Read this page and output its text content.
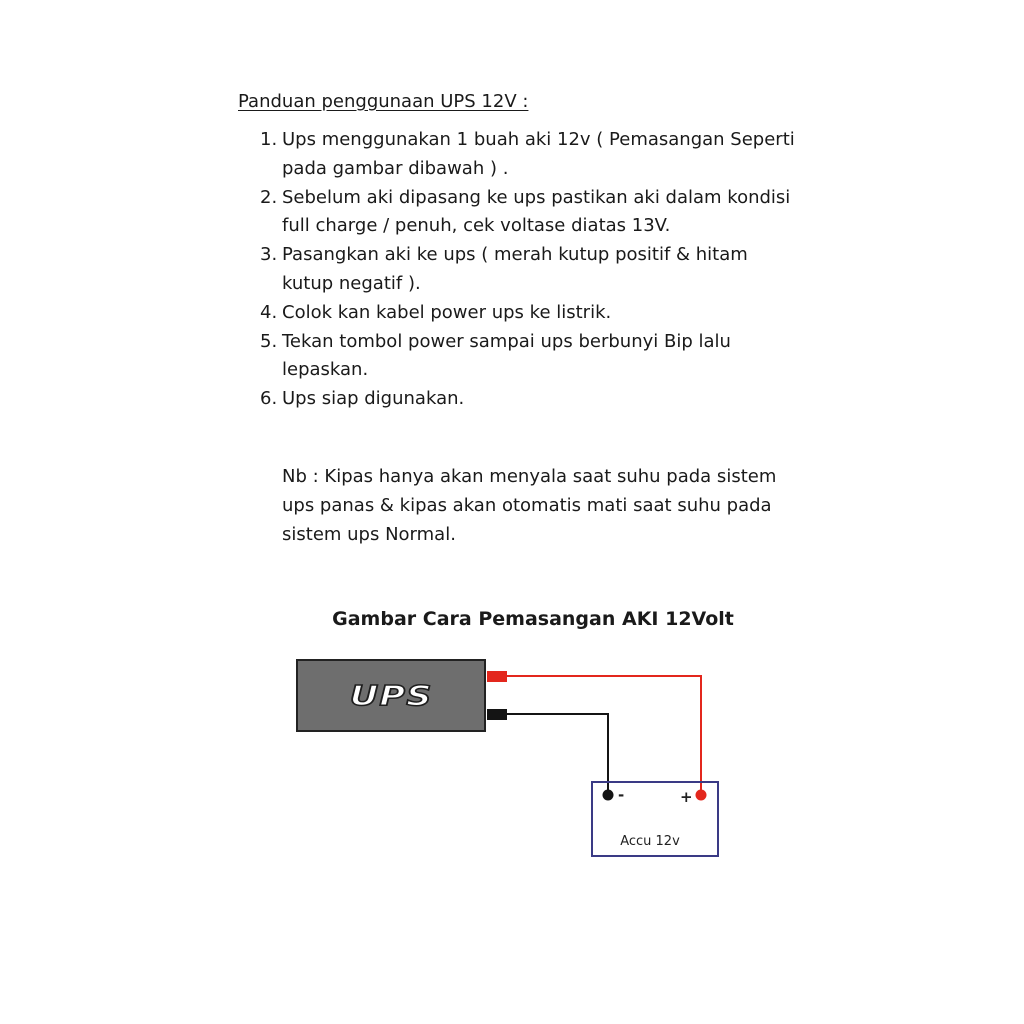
Panduan penggunaan UPS 12V :
1. Ups menggunakan 1 buah aki 12v ( Pemasangan Seperti
pada gambar dibawah ) .
2. Sebelum aki dipasang ke ups pastikan aki dalam kondisi
full charge / penuh, cek voltase diatas 13V.
3. Pasangkan aki ke ups ( merah kutup positif & hitam
kutup negatif ).
4. Colok kan kabel power ups ke listrik.
5. Tekan tombol power sampai ups berbunyi Bip lalu
lepaskan.
6. Ups siap digunakan.

Nb : Kipas hanya akan menyala saat suhu pada sistem
ups panas & kipas akan otomatis mati saat suhu pada
sistem ups Normal.

Gambar Cara Pemasangan AKI 12Volt
UPS
-	+
Accu 12v
